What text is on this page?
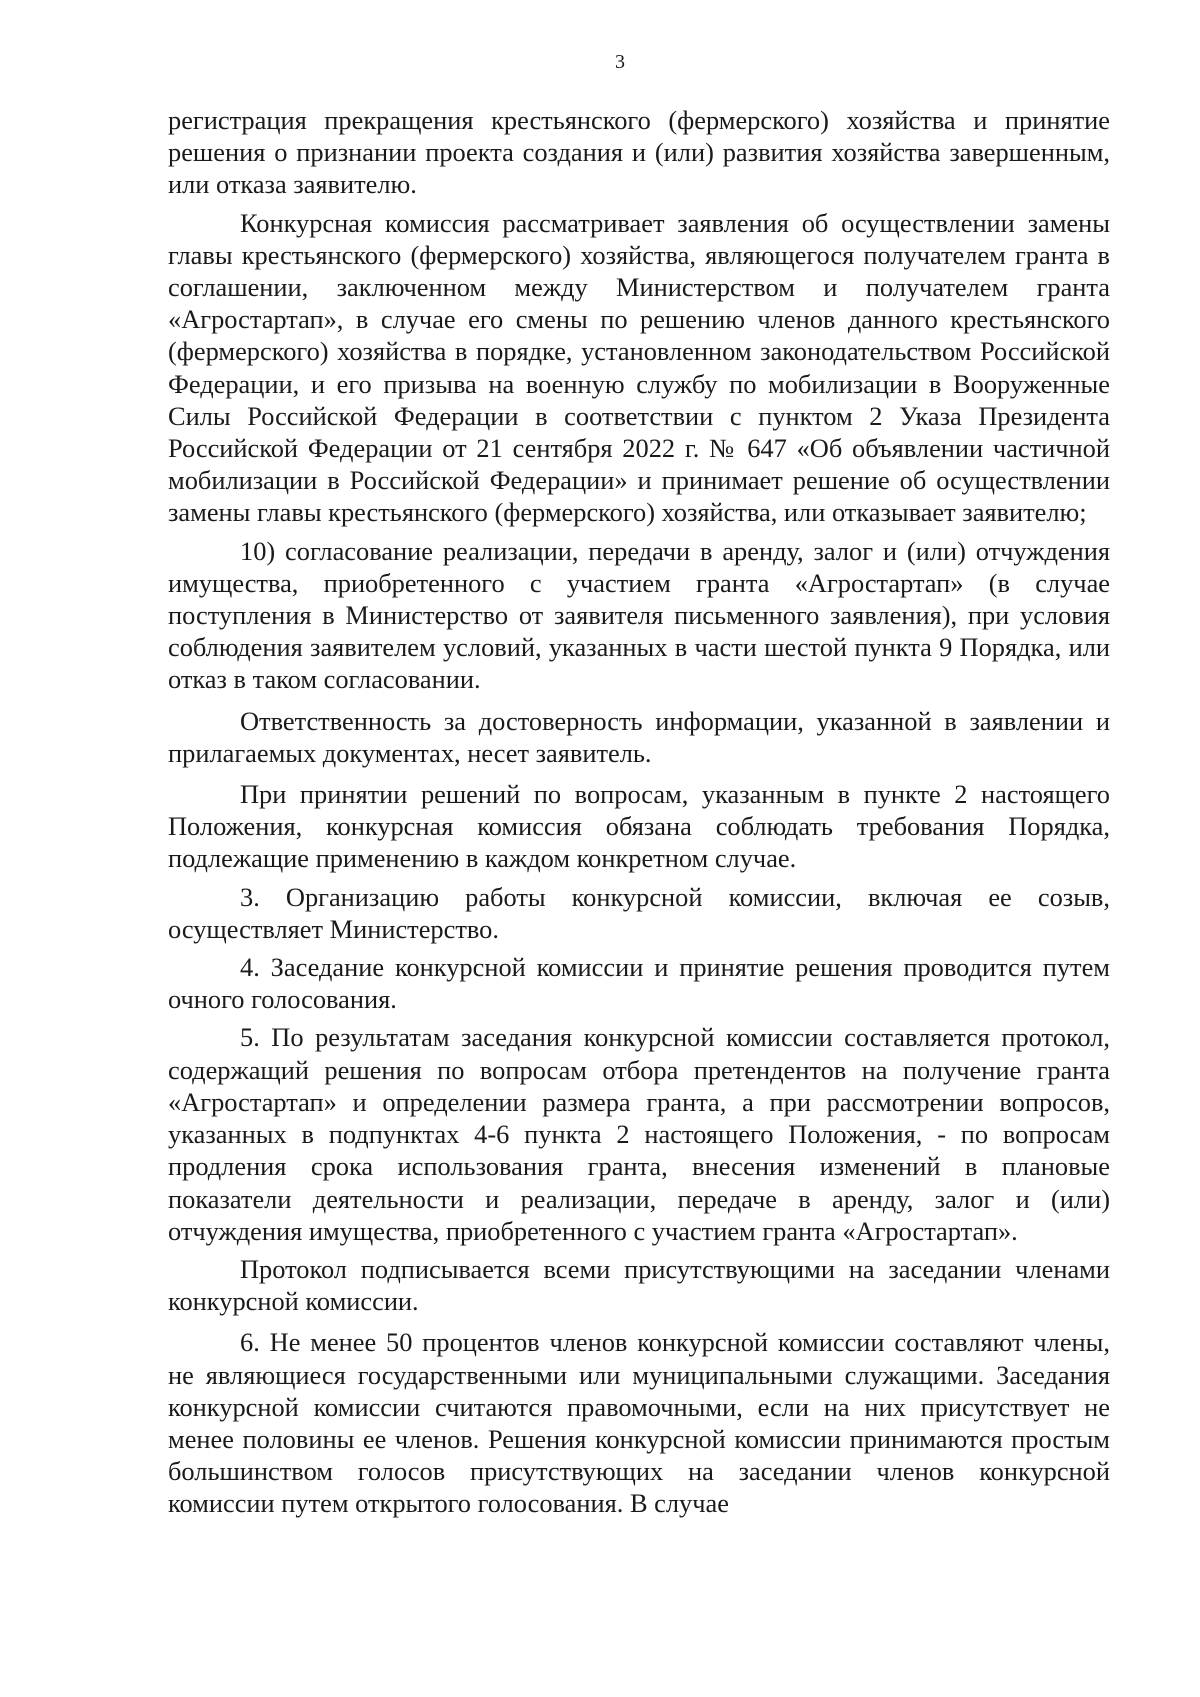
3

регистрация прекращения крестьянского (фермерского) хозяйства и принятие решения о признании проекта создания и (или) развития хозяйства завершенным, или отказа заявителю.

Конкурсная комиссия рассматривает заявления об осуществлении замены главы крестьянского (фермерского) хозяйства, являющегося получателем гранта в соглашении, заключенном между Министерством и получателем гранта «Агростартап», в случае его смены по решению членов данного крестьянского (фермерского) хозяйства в порядке, установленном законодательством Российской Федерации, и его призыва на военную службу по мобилизации в Вооруженные Силы Российской Федерации в соответствии с пунктом 2 Указа Президента Российской Федерации от 21 сентября 2022 г. № 647 «Об объявлении частичной мобилизации в Российской Федерации» и принимает решение об осуществлении замены главы крестьянского (фермерского) хозяйства, или отказывает заявителю;

10) согласование реализации, передачи в аренду, залог и (или) отчуждения имущества, приобретенного с участием гранта «Агростартап» (в случае поступления в Министерство от заявителя письменного заявления), при условия соблюдения заявителем условий, указанных в части шестой пункта 9 Порядка, или отказ в таком согласовании.

Ответственность за достоверность информации, указанной в заявлении и прилагаемых документах, несет заявитель.

При принятии решений по вопросам, указанным в пункте 2 настоящего Положения, конкурсная комиссия обязана соблюдать требования Порядка, подлежащие применению в каждом конкретном случае.

3. Организацию работы конкурсной комиссии, включая ее созыв, осуществляет Министерство.

4. Заседание конкурсной комиссии и принятие решения проводится путем очного голосования.

5. По результатам заседания конкурсной комиссии составляется протокол, содержащий решения по вопросам отбора претендентов на получение гранта «Агростартап» и определении размера гранта, а при рассмотрении вопросов, указанных в подпунктах 4-6 пункта 2 настоящего Положения, - по вопросам продления срока использования гранта, внесения изменений в плановые показатели деятельности и реализации, передаче в аренду, залог и (или) отчуждения имущества, приобретенного с участием гранта «Агростартап».

Протокол подписывается всеми присутствующими на заседании членами конкурсной комиссии.

6. Не менее 50 процентов членов конкурсной комиссии составляют члены, не являющиеся государственными или муниципальными служащими. Заседания конкурсной комиссии считаются правомочными, если на них присутствует не менее половины ее членов. Решения конкурсной комиссии принимаются простым большинством голосов присутствующих на заседании членов конкурсной комиссии путем открытого голосования. В случае
